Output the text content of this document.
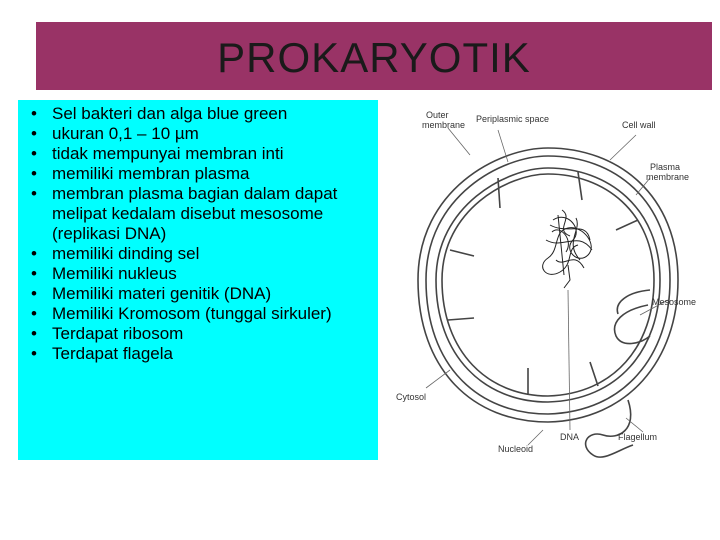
PROKARYOTIK
• Sel bakteri dan alga blue green
• ukuran 0,1 – 10 µm
• tidak mempunyai membran inti
• memiliki membran plasma
• membran plasma bagian dalam dapat melipat kedalam disebut mesosome (replikasi DNA)
• memiliki dinding sel
• Memiliki nukleus
• Memiliki materi genitik (DNA)
• Memiliki Kromosom (tunggal sirkuler)
• Terdapat ribosom
• Terdapat flagela
Outer
membrane
Periplasmic space
Cell wall
Plasma
membrane
Mesosome
Cytosol
Flagellum
Nucleoid
DNA
